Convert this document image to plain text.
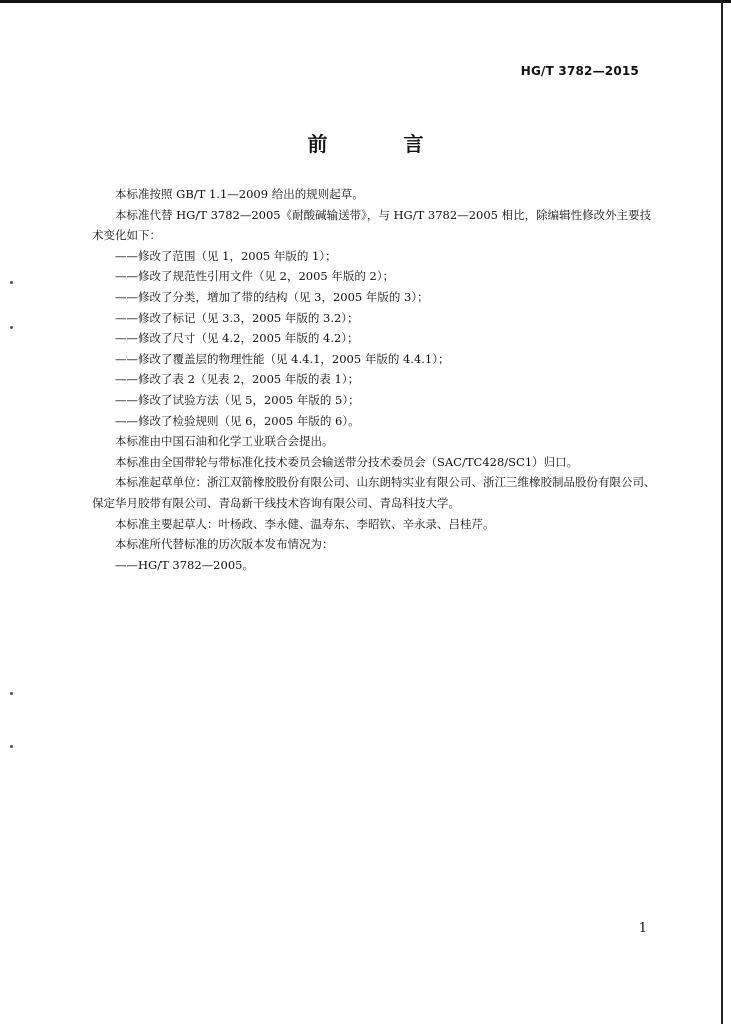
HG/T 3782—2015
前　言

本标准按照 GB/T 1.1—2009 给出的规则起草。

本标准代替 HG/T 3782—2005《耐酸碱输送带》，与 HG/T 3782—2005 相比，除编辑性修改外主要技术变化如下：

——修改了范围（见 1，2005 年版的 1）；

——修改了规范性引用文件（见 2，2005 年版的 2）；

——修改了分类，增加了带的结构（见 3，2005 年版的 3）；

——修改了标记（见 3.3，2005 年版的 3.2）；

——修改了尺寸（见 4.2，2005 年版的 4.2）；

——修改了覆盖层的物理性能（见 4.4.1，2005 年版的 4.4.1）；

——修改了表 2（见表 2，2005 年版的表 1）；

——修改了试验方法（见 5，2005 年版的 5）；

——修改了检验规则（见 6，2005 年版的 6）。

本标准由中国石油和化学工业联合会提出。

本标准由全国带轮与带标准化技术委员会输送带分技术委员会（SAC/TC428/SC1）归口。

本标准起草单位：浙江双箭橡胶股份有限公司、山东朗特实业有限公司、浙江三维橡胶制品股份有限公司、保定华月胶带有限公司、青岛新干线技术咨询有限公司、青岛科技大学。

本标准主要起草人：叶杨政、李永健、温寿东、李昭钦、辛永录、吕桂芹。

本标准所代替标准的历次版本发布情况为：

——HG/T 3782—2005。

1
